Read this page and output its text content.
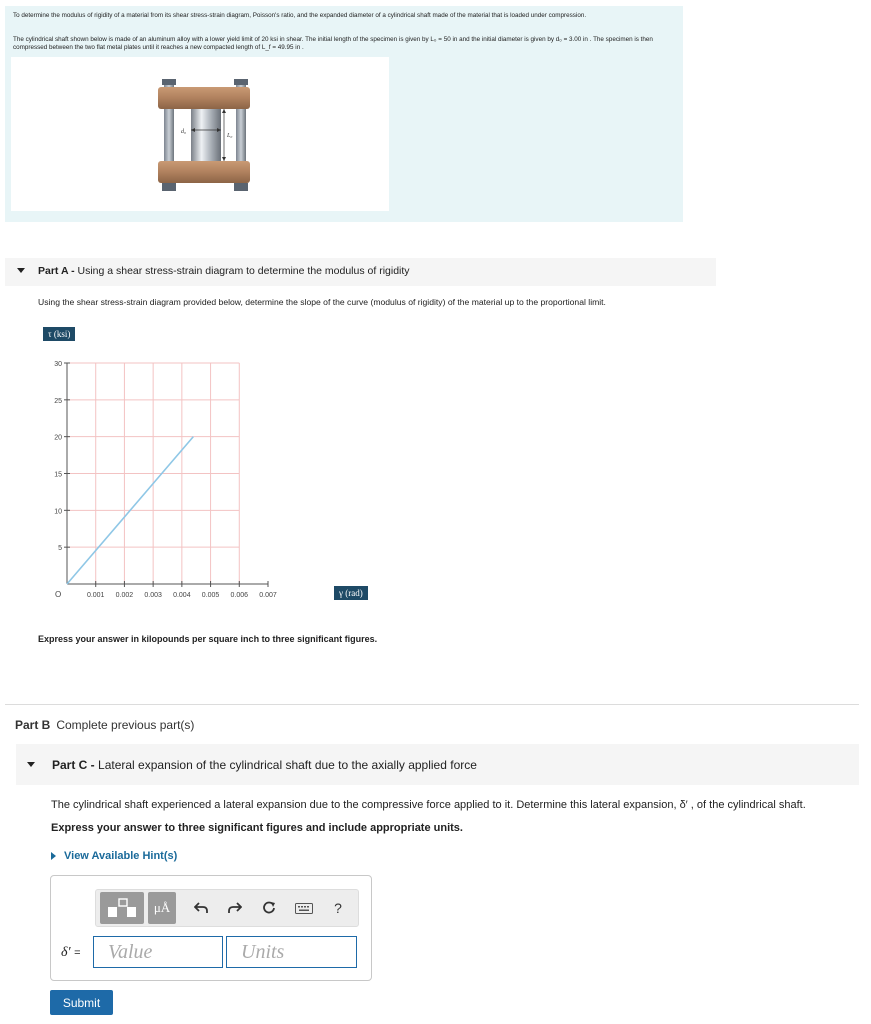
To determine the modulus of rigidity of a material from its shear stress-strain diagram, Poisson's ratio, and the expanded diameter of a cylindrical shaft made of the material that is loaded under compression.

The cylindrical shaft shown below is made of an aluminum alloy with a lower yield limit of 20 ksi in shear. The initial length of the specimen is given by L₀ = 50 in and the initial diameter is given by d₀ = 3.00 in . The specimen is then compressed between the two flat metal plates until it reaches a new compacted length of L_f = 49.95 in .

d₀
L₀
Part A - Using a shear stress-strain diagram to determine the modulus of rigidity
Using the shear stress-strain diagram provided below, determine the slope of the curve (modulus of rigidity) of the material up to the proportional limit.
τ (ksi)
γ (rad)
5
10
15
20
25
30
0.001 0.002 0.003 0.004 0.005 0.006 0.007
O
Express your answer in kilopounds per square inch to three significant figures.
Part B Complete previous part(s)
Part C - Lateral expansion of the cylindrical shaft due to the axially applied force
The cylindrical shaft experienced a lateral expansion due to the compressive force applied to it. Determine this lateral expansion, δ′ , of the cylindrical shaft.
Express your answer to three significant figures and include appropriate units.
View Available Hint(s)
μÅ	?
δ′ =
Value
Units
Submit
